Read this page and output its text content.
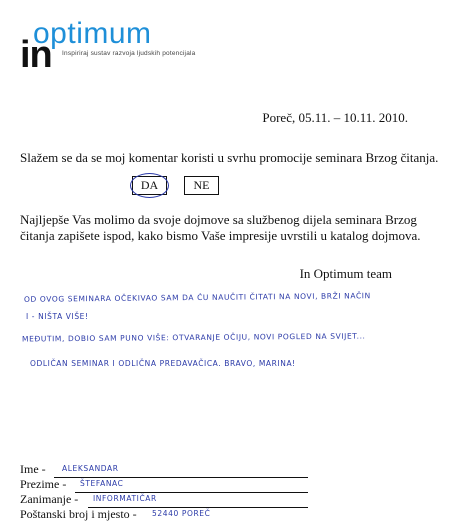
optimum
in Inspiriraj sustav razvoja ljudskih potencijala
Poreč, 05.11. – 10.11. 2010.
Slažem se da se moj komentar koristi u svrhu promocije seminara Brzog čitanja.
DA	NE
Najljepše Vas molimo da svoje dojmove sa službenog dijela seminara Brzog
čitanja zapišete ispod, kako bismo Vaše impresije uvrstili u katalog dojmova.
In Optimum team
OD OVOG SEMINARA OČEKIVAO SAM DA ĆU NAUČITI ČITATI NA NOVI, BRŽI NAČIN
I - NIŠTA VIŠE!
MEĐUTIM, DOBIO SAM PUNO VIŠE: OTVARANJE OČIJU, NOVI POGLED NA SVIJET...
ODLIČAN SEMINAR I ODLIČNA PREDAVAČICA. BRAVO, MARINA!
Ime - ALEKSANDAR
Prezime - ŠTEFANAC
Zanimanje - INFORMATIČAR
Poštanski broj i mjesto - 52440 POREČ
